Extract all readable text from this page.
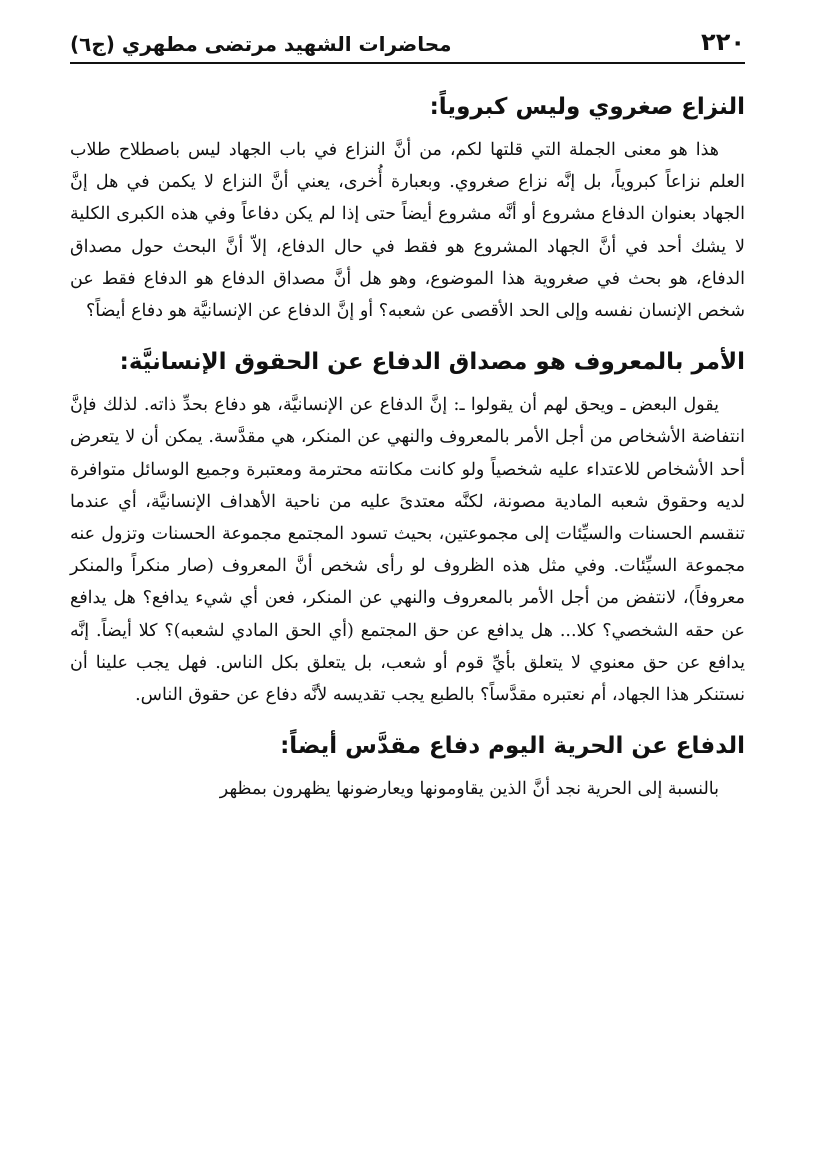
٢٢٠
محاضرات الشهيد مرتضى مطهري (ج٦)
النزاع صغروي وليس كبروياً:

هذا هو معنى الجملة التي قلتها لكم، من أنَّ النزاع في باب الجهاد ليس باصطلاح طلاب العلم نزاعاً كبروياً، بل إنَّه نزاع صغروي. وبعبارة أُخرى، يعني أنَّ النزاع لا يكمن في هل إنَّ الجهاد بعنوان الدفاع مشروع أو أنَّه مشروع أيضاً حتى إذا لم يكن دفاعاً وفي هذه الكبرى الكلية لا يشك أحد في أنَّ الجهاد المشروع هو فقط في حال الدفاع، إلاّ أنَّ البحث حول مصداق الدفاع، هو بحث في صغروية هذا الموضوع، وهو هل أنَّ مصداق الدفاع هو الدفاع فقط عن شخص الإنسان نفسه وإلى الحد الأقصى عن شعبه؟ أو إنَّ الدفاع عن الإنسانيَّة هو دفاع أيضاً؟

الأمر بالمعروف هو مصداق الدفاع عن الحقوق الإنسانيَّة:

يقول البعض ـ ويحق لهم أن يقولوا ـ: إنَّ الدفاع عن الإنسانيَّة، هو دفاع بحدِّ ذاته. لذلك فإنَّ انتفاضة الأشخاص من أجل الأمر بالمعروف والنهي عن المنكر، هي مقدَّسة. يمكن أن لا يتعرض أحد الأشخاص للاعتداء عليه شخصياً ولو كانت مكانته محترمة ومعتبرة وجميع الوسائل متوافرة لديه وحقوق شعبه المادية مصونة، لكنَّه معتدىً عليه من ناحية الأهداف الإنسانيَّة، أي عندما تنقسم الحسنات والسيِّئات إلى مجموعتين، بحيث تسود المجتمع مجموعة الحسنات وتزول عنه مجموعة السيِّئات. وفي مثل هذه الظروف لو رأى شخص أنَّ المعروف (صار منكراً والمنكر معروفاً)، لانتفض من أجل الأمر بالمعروف والنهي عن المنكر، فعن أي شيء يدافع؟ هل يدافع عن حقه الشخصي؟ كلا... هل يدافع عن حق المجتمع (أي الحق المادي لشعبه)؟ كلا أيضاً. إنَّه يدافع عن حق معنوي لا يتعلق بأيِّ قوم أو شعب، بل يتعلق بكل الناس. فهل يجب علينا أن نستنكر هذا الجهاد، أم نعتبره مقدَّساً؟ بالطبع يجب تقديسه لأنَّه دفاع عن حقوق الناس.

الدفاع عن الحرية اليوم دفاع مقدَّس أيضاً:

بالنسبة إلى الحرية نجد أنَّ الذين يقاومونها ويعارضونها يظهرون بمظهر
